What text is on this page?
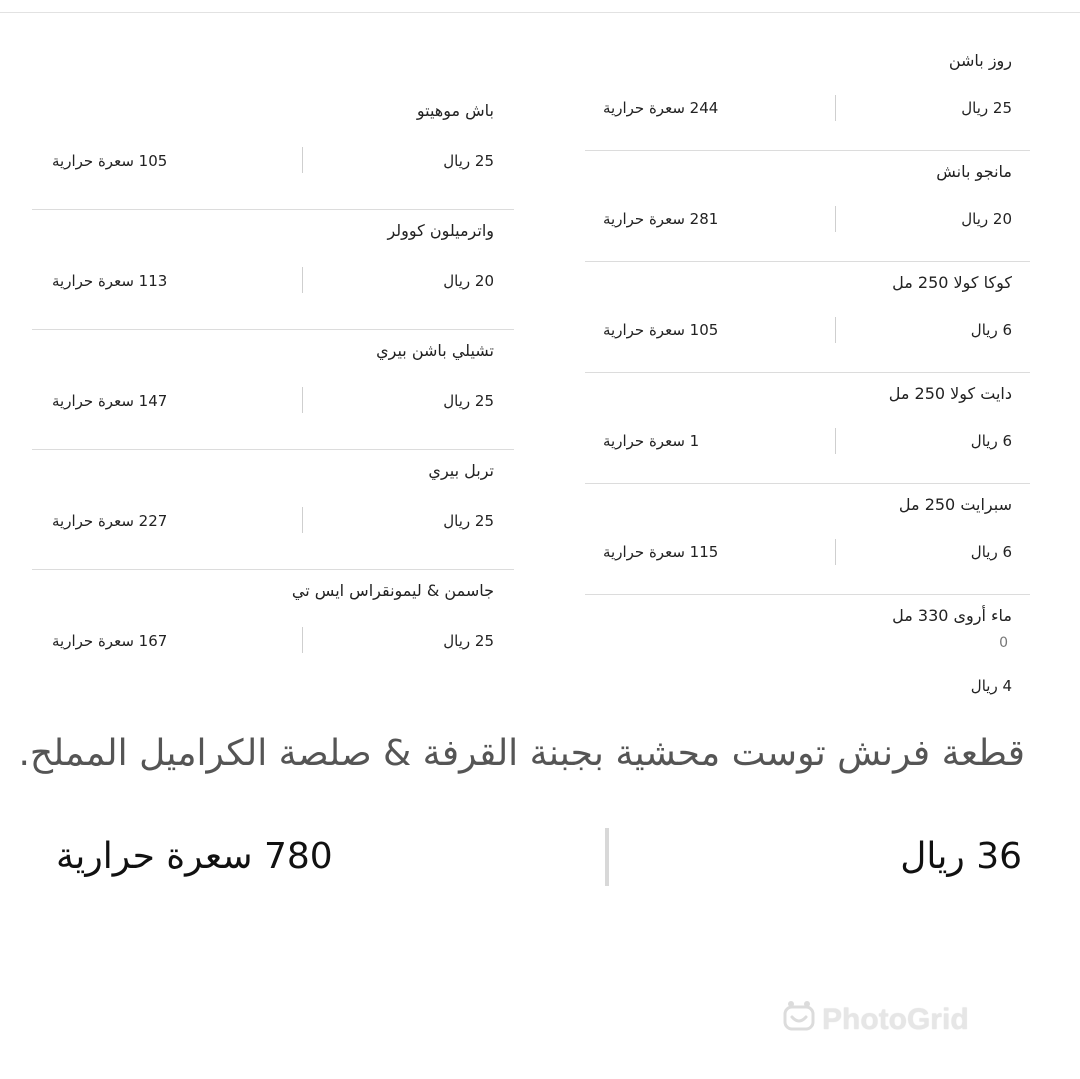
روز باشن
25 ريال
244 سعرة حرارية
مانجو بانش
20 ريال
281 سعرة حرارية
كوكا كولا 250 مل
6 ريال
105 سعرة حرارية
دايت كولا 250 مل
6 ريال
1 سعرة حرارية
سبرايت 250 مل
6 ريال
115 سعرة حرارية
ماء أروى 330 مل
0
4 ريال
باش موهيتو
25 ريال
105 سعرة حرارية
واترميلون كوولر
20 ريال
113 سعرة حرارية
تشيلي باشن بيري
25 ريال
147 سعرة حرارية
تربل بيري
25 ريال
227 سعرة حرارية
جاسمن & ليمونقراس ايس تي
25 ريال
167 سعرة حرارية
قطعة فرنش توست محشية بجبنة القرفة & صلصة الكراميل المملح.
36 ريال
780 سعرة حرارية
PhotoGrid
